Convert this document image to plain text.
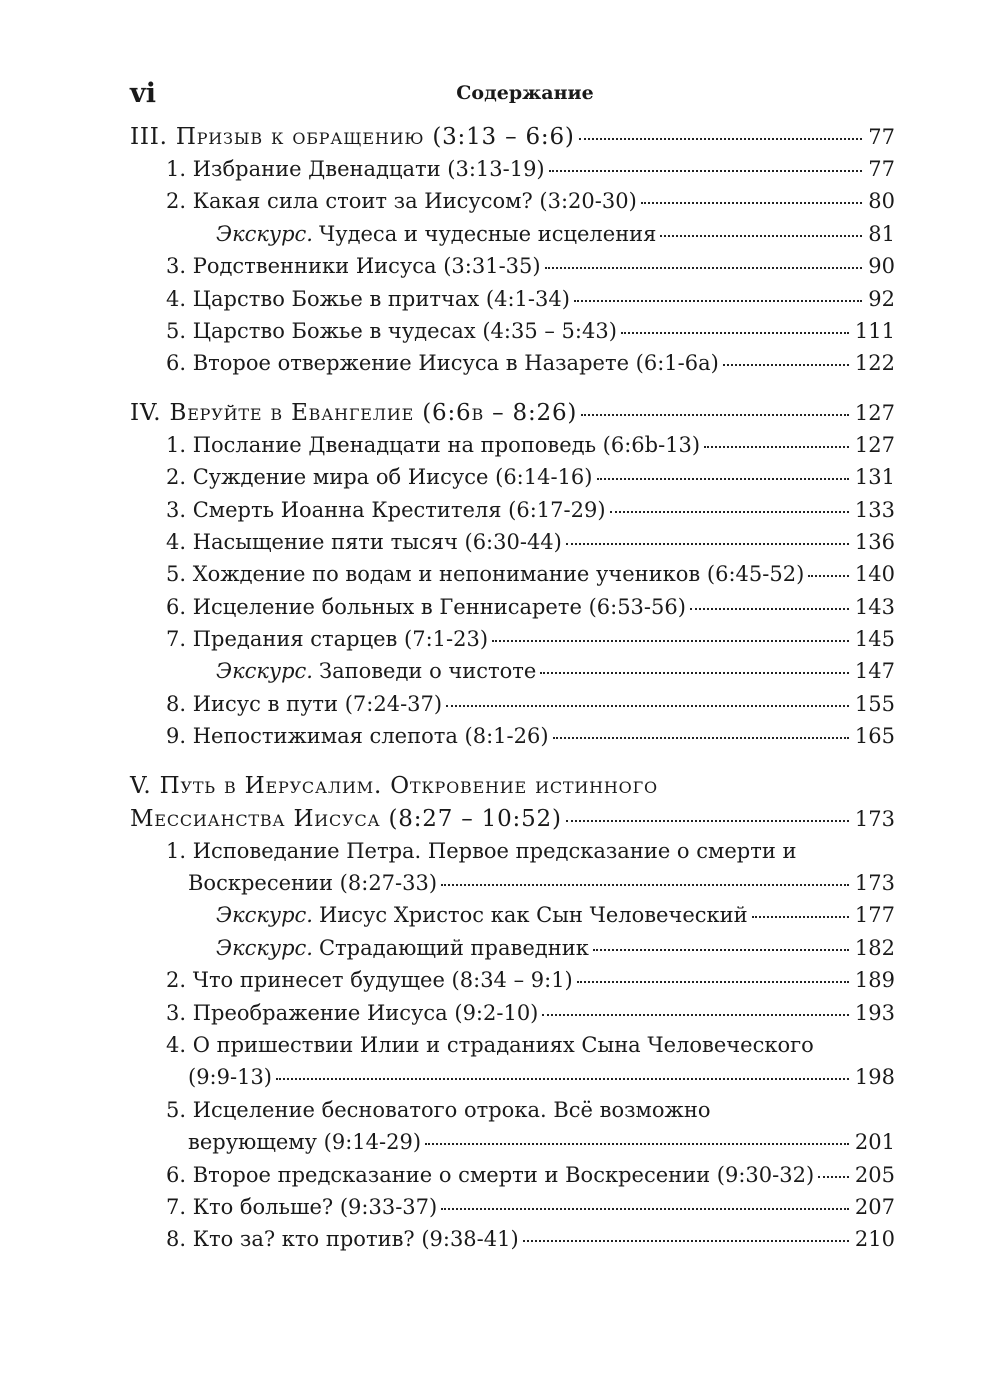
vi	Содержание
III. Призыв к обращению (3:13 – 6:6)	77
1. Избрание Двенадцати (3:13-19)	77
2. Какая сила стоит за Иисусом? (3:20-30)	80
Экскурс. Чудеса и чудесные исцеления	81
3. Родственники Иисуса (3:31-35)	90
4. Царство Божье в притчах (4:1-34)	92
5. Царство Божье в чудесах (4:35 – 5:43)	111
6. Второе отвержение Иисуса в Назарете (6:1-6а)	122
IV. Веруйте в Евангелие (6:6в – 8:26)	127
1. Послание Двенадцати на проповедь (6:6b-13)	127
2. Суждение мира об Иисусе (6:14-16)	131
3. Смерть Иоанна Крестителя (6:17-29)	133
4. Насыщение пяти тысяч (6:30-44)	136
5. Хождение по водам и непонимание учеников (6:45-52) 140
6. Исцеление больных в Геннисарете (6:53-56)	143
7. Предания старцев (7:1-23)	145
Экскурс. Заповеди о чистоте	147
8. Иисус в пути (7:24-37)	155
9. Непостижимая слепота (8:1-26)	165
V. Путь в Иерусалим. Откровение истинного
Мессианства Иисуса (8:27 – 10:52)	173
1. Исповедание Петра. Первое предсказание о смерти и
Воскресении (8:27-33)	173
Экскурс. Иисус Христос как Сын Человеческий	177
Экскурс. Страдающий праведник	182
2. Что принесет будущее (8:34 – 9:1)	189
3. Преображение Иисуса (9:2-10)	193
4. О пришествии Илии и страданиях Сына Человеческого
(9:9-13)	198
5. Исцеление бесноватого отрока. Всё возможно
верующему (9:14-29)	201
6. Второе предсказание о смерти и Воскресении (9:30-32) 205
7. Кто больше? (9:33-37)	207
8. Кто за? кто против? (9:38-41)	210
